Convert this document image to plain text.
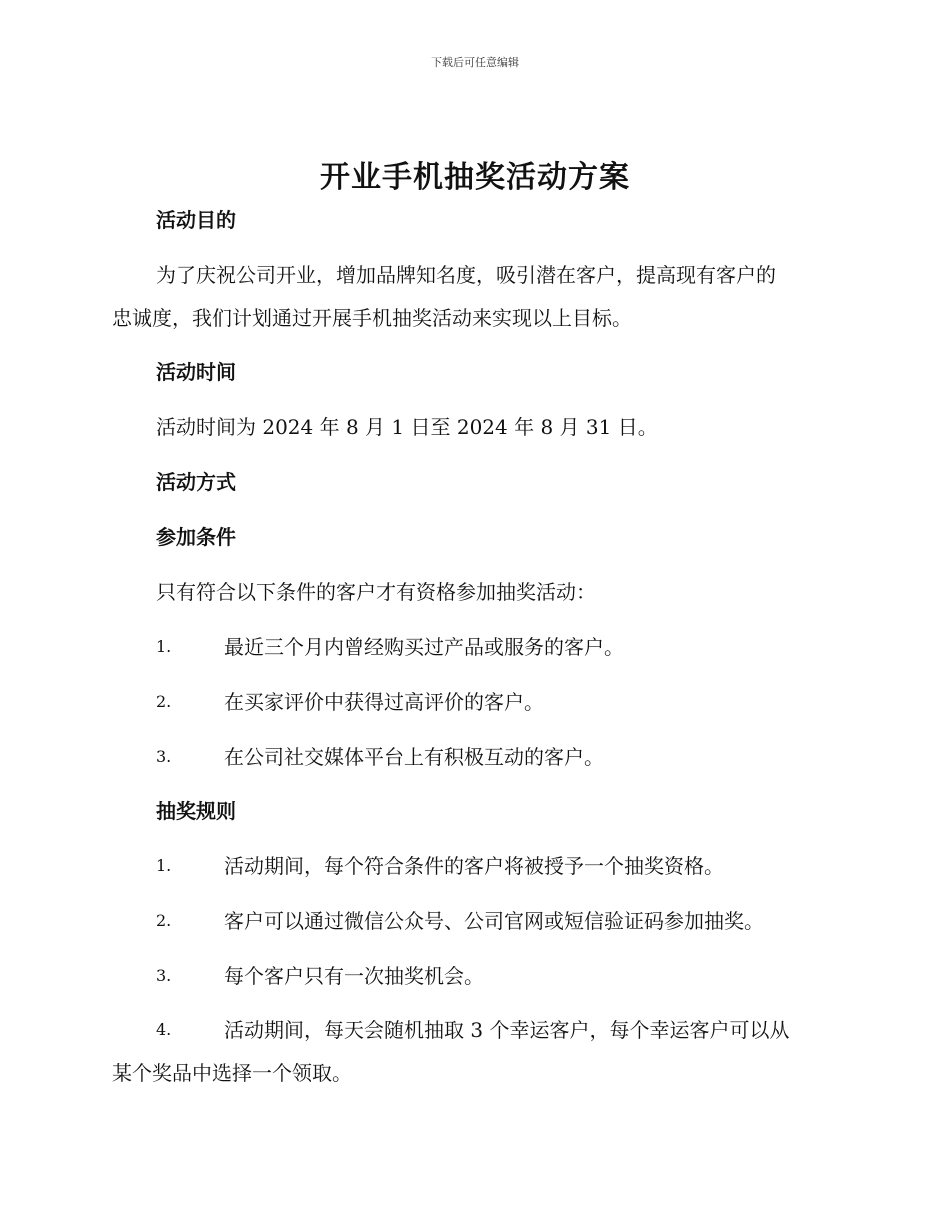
下载后可任意编辑
开业手机抽奖活动方案
活动目的
为了庆祝公司开业，增加品牌知名度，吸引潜在客户，提高现有客户的
忠诚度，我们计划通过开展手机抽奖活动来实现以上目标。
活动时间
活动时间为 2024 年 8 月 1 日至 2024 年 8 月 31 日。
活动方式
参加条件
只有符合以下条件的客户才有资格参加抽奖活动：
1.	最近三个月内曾经购买过产品或服务的客户。
2.	在买家评价中获得过高评价的客户。
3.	在公司社交媒体平台上有积极互动的客户。
抽奖规则
1.	活动期间，每个符合条件的客户将被授予一个抽奖资格。
2.	客户可以通过微信公众号、公司官网或短信验证码参加抽奖。
3.	每个客户只有一次抽奖机会。
4.	活动期间，每天会随机抽取 3 个幸运客户，每个幸运客户可以从
某个奖品中选择一个领取。
